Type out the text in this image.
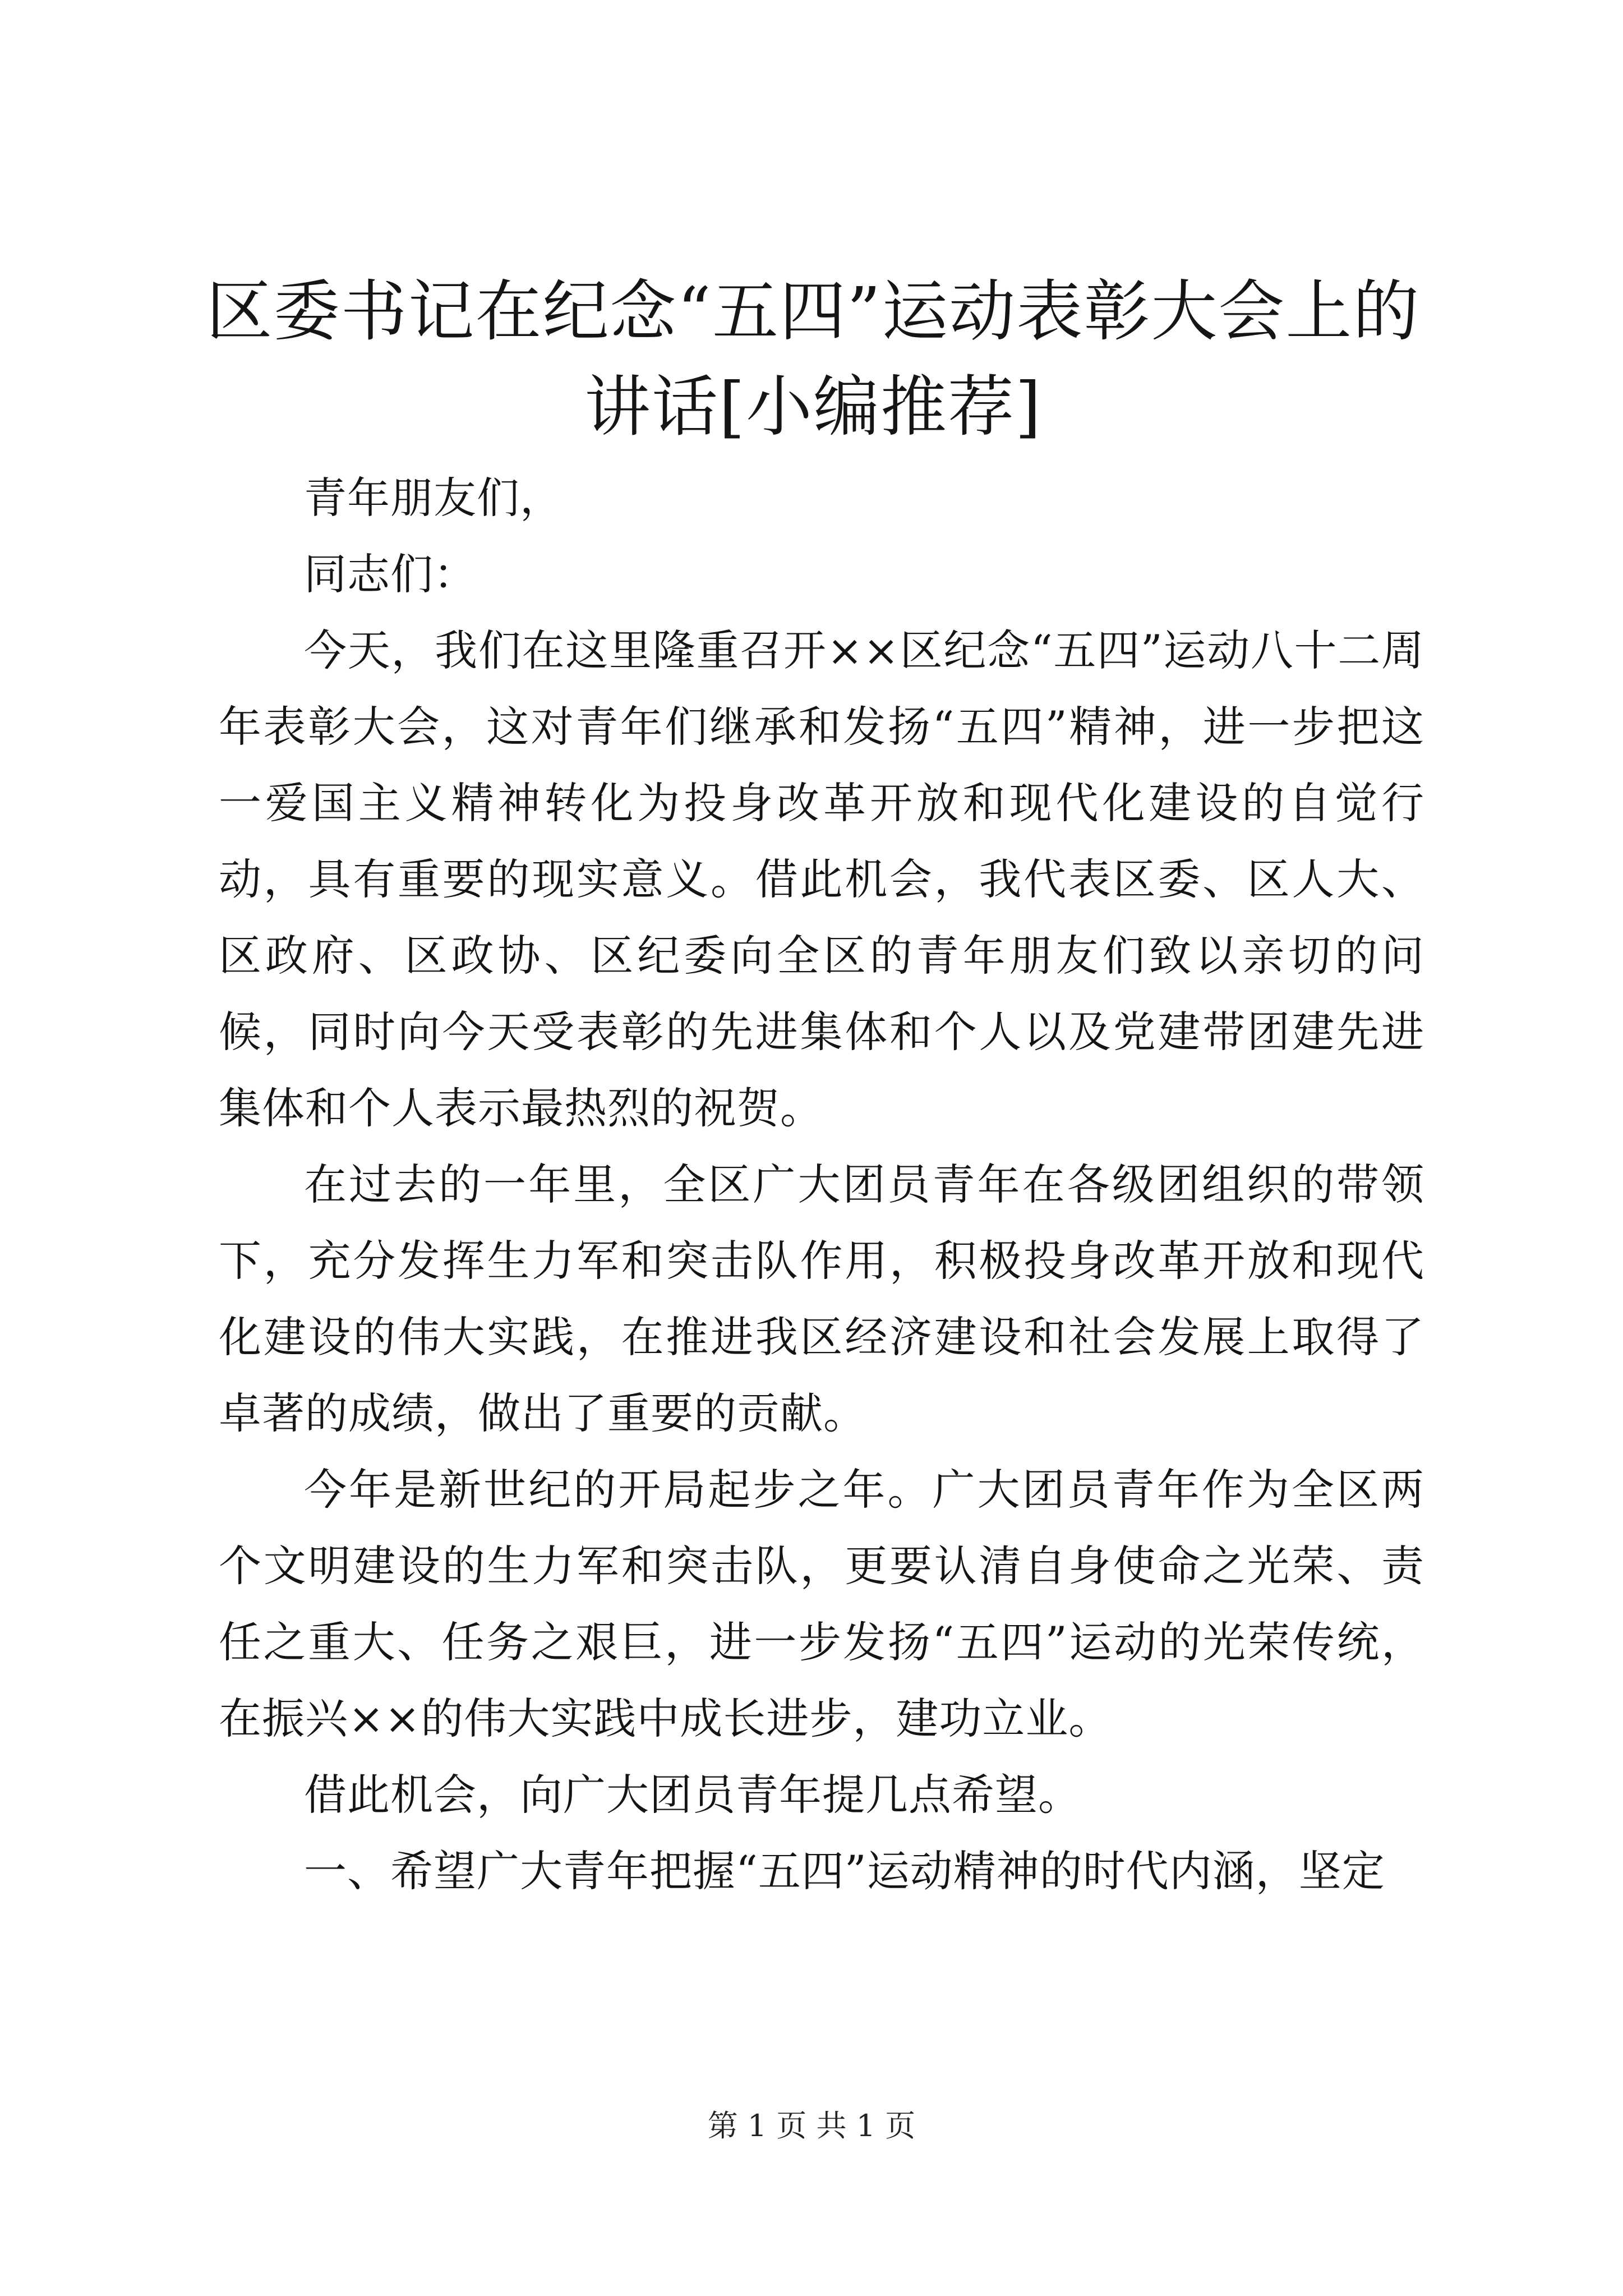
区委书记在纪念“五四”运动表彰大会上的讲话[小编推荐]

青年朋友们，

同志们：

今天，我们在这里隆重召开××区纪念“五四”运动八十二周年表彰大会，这对青年们继承和发扬“五四”精神，进一步把这一爱国主义精神转化为投身改革开放和现代化建设的自觉行动，具有重要的现实意义。借此机会，我代表区委、区人大、区政府、区政协、区纪委向全区的青年朋友们致以亲切的问候，同时向今天受表彰的先进集体和个人以及党建带团建先进集体和个人表示最热烈的祝贺。

在过去的一年里，全区广大团员青年在各级团组织的带领下，充分发挥生力军和突击队作用，积极投身改革开放和现代化建设的伟大实践，在推进我区经济建设和社会发展上取得了卓著的成绩，做出了重要的贡献。

今年是新世纪的开局起步之年。广大团员青年作为全区两个文明建设的生力军和突击队，更要认清自身使命之光荣、责任之重大、任务之艰巨，进一步发扬“五四”运动的光荣传统，在振兴××的伟大实践中成长进步，建功立业。

借此机会，向广大团员青年提几点希望。

一、希望广大青年把握“五四”运动精神的时代内涵，坚定

第 1 页 共 1 页
